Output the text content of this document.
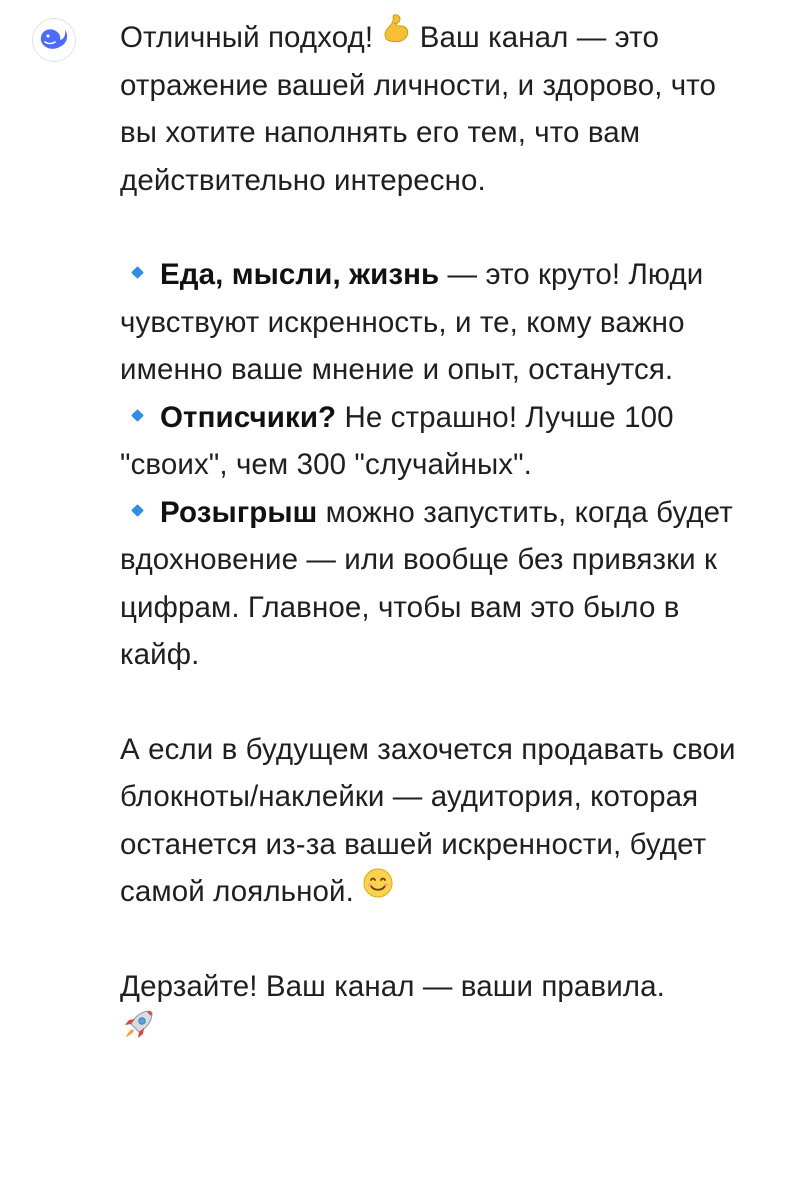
Отличный подход!  Ваш канал — это отражение вашей личности, и здорово, что вы хотите наполнять его тем, что вам действительно интересно.

Еда, мысли, жизнь — это круто! Люди чувствуют искренность, и те, кому важно именно ваше мнение и опыт, останутся.

Отписчики? Не страшно! Лучше 100 "своих", чем 300 "случайных".

Розыгрыш можно запустить, когда будет вдохновение — или вообще без привязки к цифрам. Главное, чтобы вам это было в кайф.

А если в будущем захочется продавать свои блокноты/наклейки — аудитория, которая останется из-за вашей искренности, будет самой лояльной.

Дерзайте! Ваш канал — ваши правила.
